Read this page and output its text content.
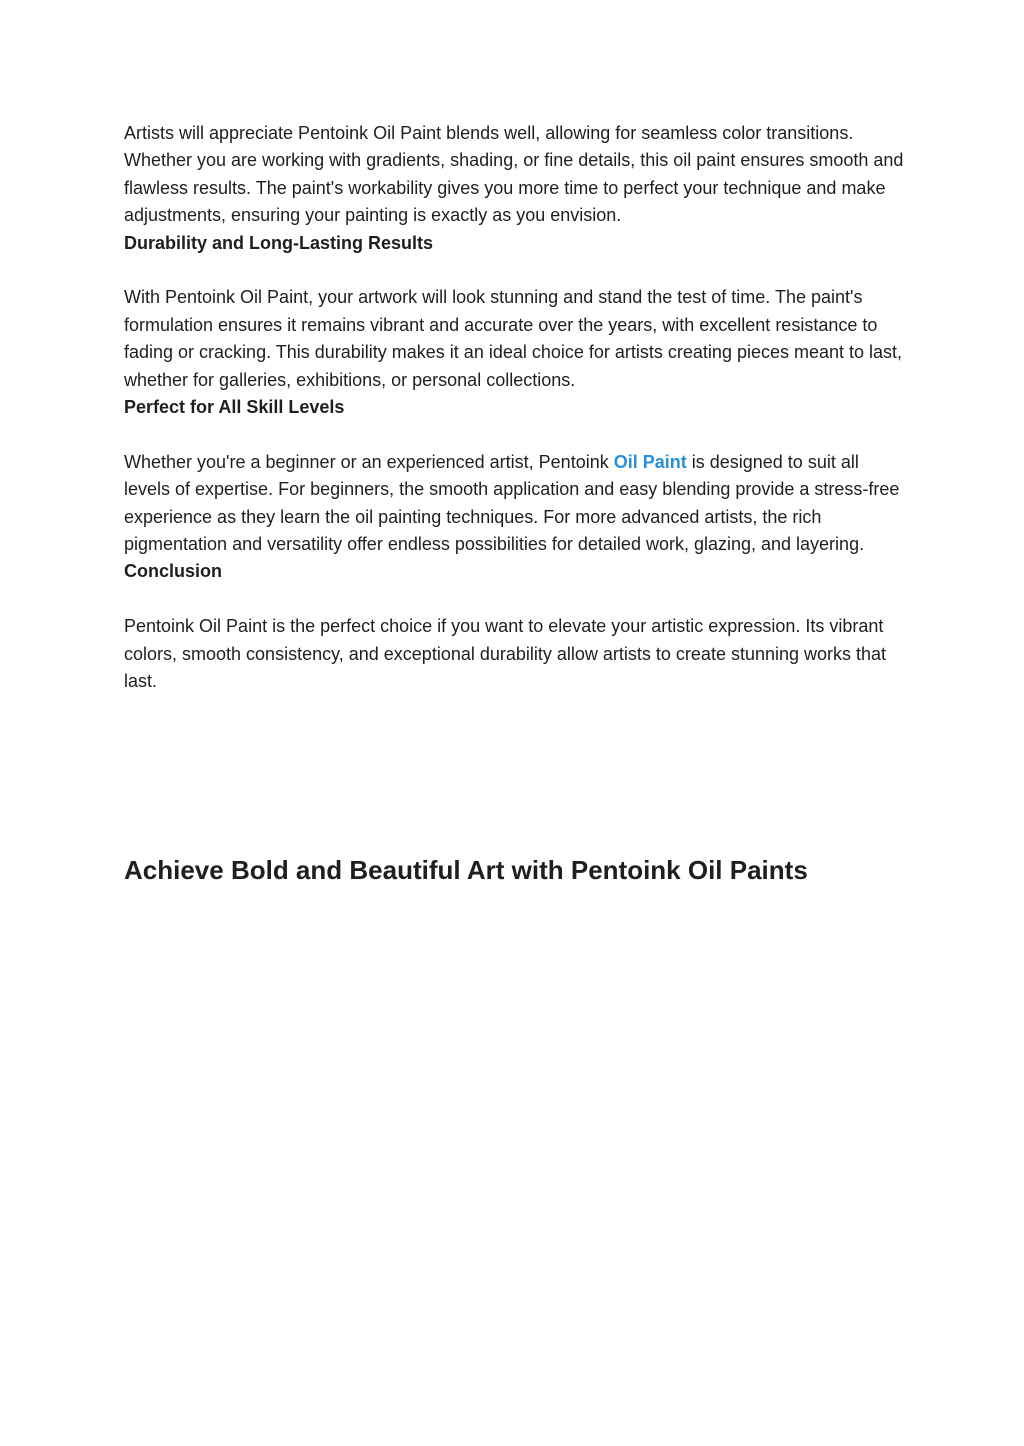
Artists will appreciate Pentoink Oil Paint blends well, allowing for seamless color transitions. Whether you are working with gradients, shading, or fine details, this oil paint ensures smooth and flawless results. The paint's workability gives you more time to perfect your technique and make adjustments, ensuring your painting is exactly as you envision.

Durability and Long-Lasting Results

With Pentoink Oil Paint, your artwork will look stunning and stand the test of time. The paint's formulation ensures it remains vibrant and accurate over the years, with excellent resistance to fading or cracking. This durability makes it an ideal choice for artists creating pieces meant to last, whether for galleries, exhibitions, or personal collections.

Perfect for All Skill Levels

Whether you're a beginner or an experienced artist, Pentoink Oil Paint is designed to suit all levels of expertise. For beginners, the smooth application and easy blending provide a stress-free experience as they learn the oil painting techniques. For more advanced artists, the rich pigmentation and versatility offer endless possibilities for detailed work, glazing, and layering.

Conclusion

Pentoink Oil Paint is the perfect choice if you want to elevate your artistic expression. Its vibrant colors, smooth consistency, and exceptional durability allow artists to create stunning works that last.

Achieve Bold and Beautiful Art with Pentoink Oil Paints
